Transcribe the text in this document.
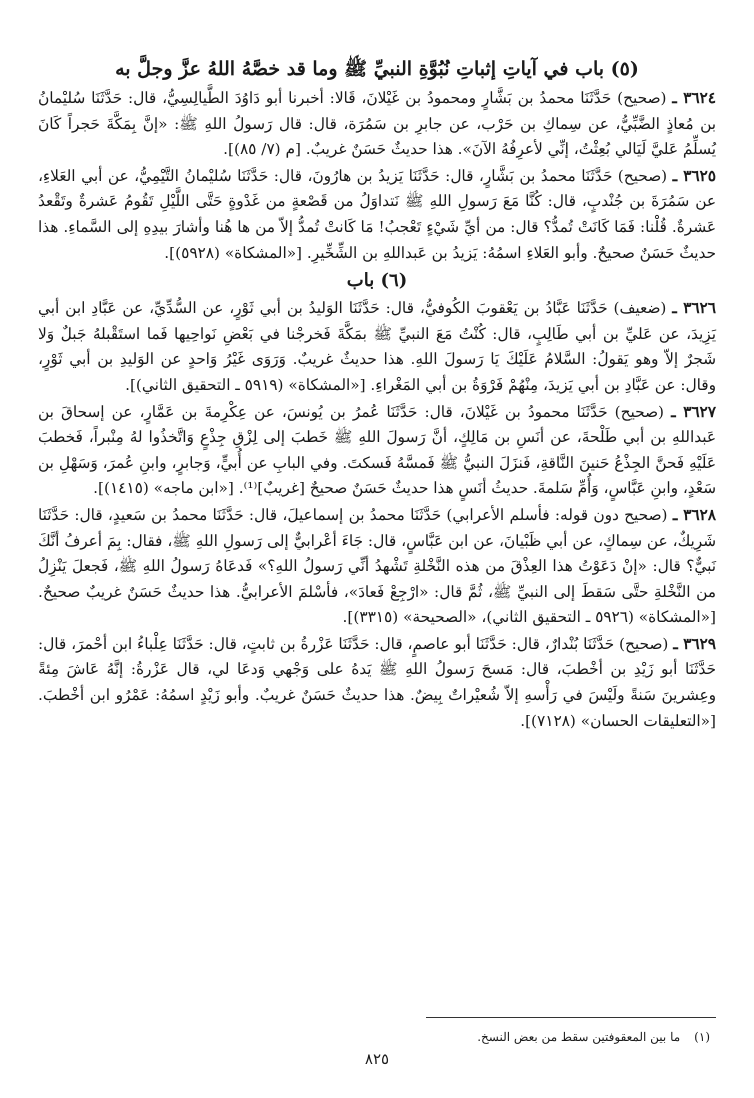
(٥) باب في آياتِ إثباتِ نُبُوَّةِ النبيِّ ﷺ وما قد خصَّهُ اللهُ عزَّ وجلَّ به

٣٦٢٤ ـ (صحيح) حَدَّثَنَا محمدُ بن بَشَّارٍ ومحمودُ بن غَيْلانَ، قَالا: أخبرنا أبو دَاوُدَ الطَّيالِسِيُّ، قال: حَدَّثَنَا سُليْمانُ بن مُعاذٍ الضَّبِّيُّ، عن سِماكِ بن حَرْب، عن جابرِ بن سَمُرَة، قال: قال رَسولُ اللهِ ﷺ: «إنَّ بِمَكَّةَ حَجراً كَانَ يُسلِّمُ عَليَّ لَيَالي بُعِثْتُ، إنِّي لأعرِفُهُ الآنَ». هذا حديثٌ حَسَنٌ غريبٌ. [م (٧/ ٨٥)].

٣٦٢٥ ـ (صحيح) حَدَّثَنَا محمدُ بن بَشَّارٍ، قال: حَدَّثَنَا يَزيدُ بن هارُونَ، قال: حَدَّثَنَا سُليْمانُ التَّيْمِيُّ، عن أبي العَلاءِ، عن سَمُرَةَ بن جُنْدبٍ، قال: كُنَّا مَعَ رَسولِ اللهِ ﷺ نَتداوَلُ من قَصْعةٍ من غَدْوةٍ حَتَّى اللَّيْلِ تَقُومُ عَشرةٌ وتَقْعدُ عَشرةٌ. قُلْنا: فَمَا كَانَتْ تُمدُّ؟ قال: من أيِّ شَيْءٍ تَعْجبُ! مَا كَانتْ تُمدُّ إلاّ من ها هُنا وأشارَ بيدِهِ إلى السَّماءِ. هذا حديثٌ حَسَنٌ صحيحٌ. وأبو العَلاءِ اسمُهُ: يَزيدُ بن عَبداللهِ بن الشِّخِّيرِ. [«المشكاة» (٥٩٢٨)].

(٦) باب

٣٦٢٦ ـ (ضعيف) حَدَّثَنَا عَبَّادُ بن يَعْقوبَ الكُوفيُّ، قال: حَدَّثَنَا الوَليدُ بن أبي ثَوْرٍ، عن السُّدِّيِّ، عن عَبَّادِ ابن أبي يَزِيدَ، عن عَليِّ بن أبي طَالِبٍ، قال: كُنْتُ مَعَ النبيِّ ﷺ بمَكَّةَ فَخرجْنا في بَعْضِ نَواحِيها فَما استَقْبلهُ جَبلٌ وَلا شَجرٌ إلاّ وهو يَقولُ: السَّلامُ عَلَيْكَ يَا رَسولَ اللهِ. هذا حديثٌ غريبٌ. وَرَوَى غَيْرُ وَاحدٍ عن الوَليدِ بن أبي ثَوْرٍ، وقال: عن عَبَّادِ بن أبي يَزيدَ، مِنْهُمْ فَرْوَةُ بن أبي المَغْراءِ. [«المشكاة» (٥٩١٩ ـ التحقيق الثاني)].

٣٦٢٧ ـ (صحيح) حَدَّثَنَا محمودُ بن غَيْلانَ، قال: حَدَّثَنَا عُمرُ بن يُونسَ، عن عِكْرِمةَ بن عَمَّارٍ، عن إسحاقَ بن عَبداللهِ بن أبي طَلْحةَ، عن أنَسِ بن مَالِكٍ، أنَّ رَسولَ اللهِ ﷺ خَطبَ إلى لِزْقِ جِذْعٍ وَاتَّخذُوا لهُ مِنْبراً، فَخطبَ عَلَيْهِ فَحنَّ الجِذْعُ حَنينَ النَّاقةِ، فَنزَلَ النبيُّ ﷺ فَمسَّهُ فَسكتَ. وفي البابِ عن أُبيٍّ، وَجابرٍ، وابنِ عُمرَ، وَسَهْلِ بن سَعْدٍ، وابنِ عَبَّاسٍ، وَأُمِّ سَلمةَ. حديثُ أنَسٍ هذا حديثٌ حَسَنٌ صحيحٌ [غريبٌ]⁽¹⁾. [«ابن ماجه» (١٤١٥)].

٣٦٢٨ ـ (صحيح دون قوله: فأسلم الأعرابي) حَدَّثَنَا محمدُ بن إسماعيلَ، قال: حَدَّثَنَا محمدُ بن سَعيدٍ، قال: حَدَّثَنَا شَرِيكٌ، عن سِماكٍ، عن أبي ظَبْيانَ، عن ابن عَبَّاسٍ، قال: جَاءَ أعْرابيٌّ إلى رَسولِ اللهِ ﷺ، فقال: بِمَ أعرفُ أنَّكَ نَبيٌّ؟ قال: «إنْ دَعَوْتُ هذا العِذْقَ من هذه النَّخْلةِ تَشْهدُ أنِّي رَسولُ اللهِ؟» فَدعَاهُ رَسولُ اللهِ ﷺ، فَجعلَ يَنْزِلُ من النَّخْلةِ حتَّى سَقطَ إلى النبيِّ ﷺ، ثُمَّ قال: «ارْجِعْ فَعادَ»، فأسْلمَ الأعرابيُّ. هذا حديثٌ حَسَنٌ غريبٌ صحيحٌ. [«المشكاة» (٥٩٢٦ ـ التحقيق الثاني)، «الصحيحة» (٣٣١٥)].

٣٦٢٩ ـ (صحيح) حَدَّثَنَا بُنْدارٌ، قال: حَدَّثَنَا أبو عاصمٍ، قال: حَدَّثَنَا عَزْرةُ بن ثابتٍ، قال: حَدَّثَنَا عِلْباءُ ابن أحْمرَ، قال: حَدَّثَنَا أبو زَيْدِ بن أخْطبَ، قال: مَسحَ رَسولُ اللهِ ﷺ يَدهُ على وَجْهي وَدعَا لي، قال عَزْرةُ: إنَّهُ عَاشَ مِئةً وعِشرينَ سَنةً ولَيْسَ في رَأْسهِ إلاّ شُعيْراتٌ بِيضٌ. هذا حديثٌ حَسَنٌ غريبٌ. وأبو زَيْدٍ اسمُهُ: عَمْرُو ابن أخْطبَ. [«التعليقات الحسان» (٧١٢٨)].

(١)ما بين المعقوفتين سقط من بعض النسخ.
٨٢٥
